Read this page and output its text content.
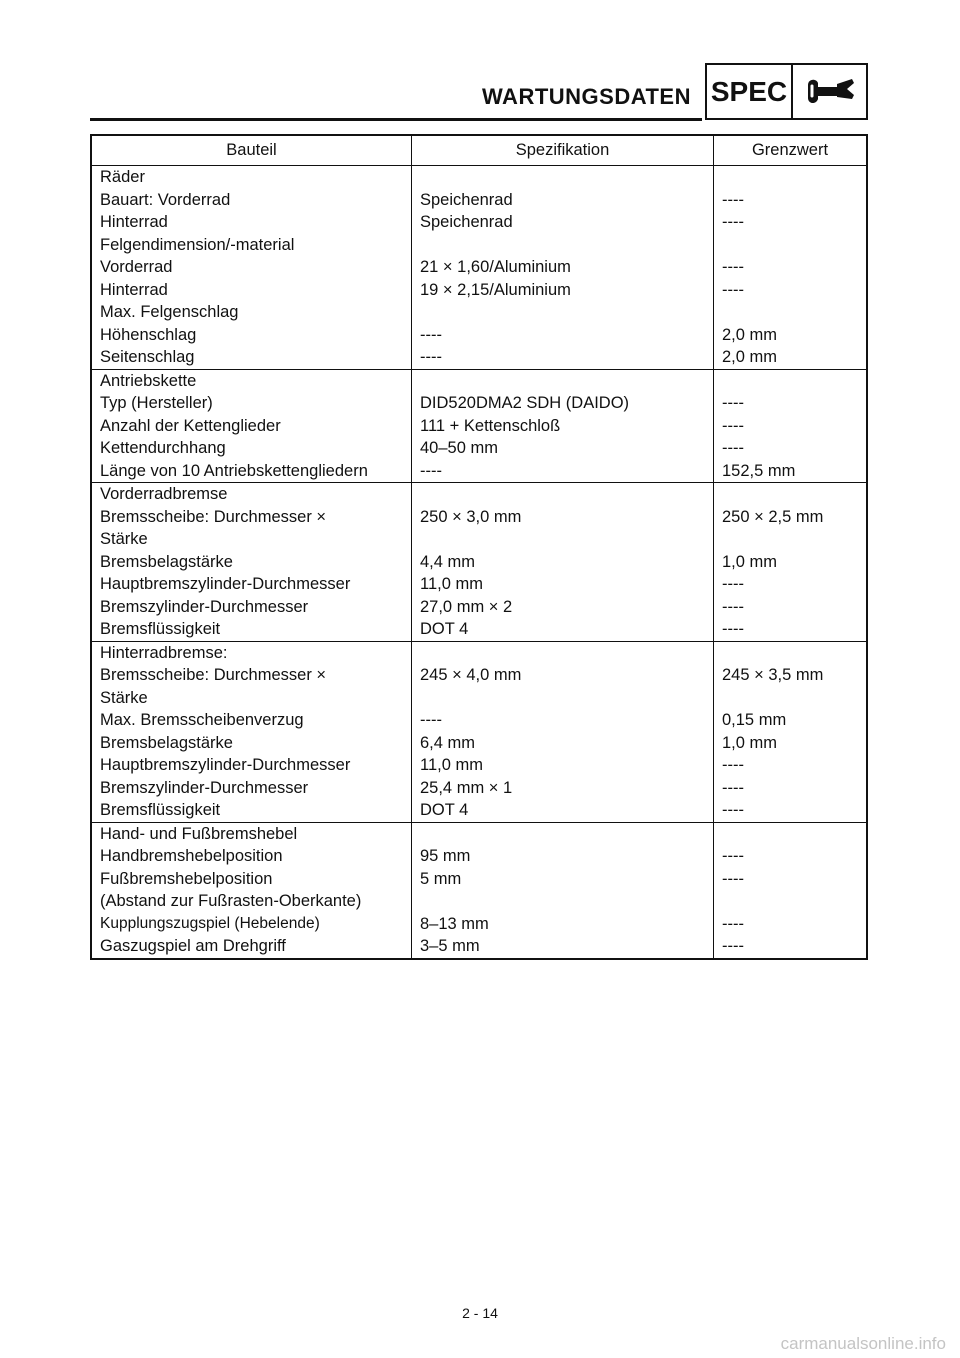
WARTUNGSDATEN SPEC
Bauteil	Spezifikation	Grenzwert
Räder		
Bauart: Vorderrad	Speichenrad	----
Hinterrad	Speichenrad	----
Felgendimension/-material		
Vorderrad	21 × 1,60/Aluminium	----
Hinterrad	19 × 2,15/Aluminium	----
Max. Felgenschlag		
Höhenschlag	----	2,0 mm
Seitenschlag	----	2,0 mm
Antriebskette		
Typ (Hersteller)	DID520DMA2 SDH (DAIDO)	----
Anzahl der Kettenglieder	111 + Kettenschloß	----
Kettendurchhang	40–50 mm	----
Länge von 10 Antriebskettengliedern	----	152,5 mm
Vorderradbremse		
Bremsscheibe: Durchmesser ×	250 × 3,0 mm	250 × 2,5 mm
Stärke		
Bremsbelagstärke	4,4 mm	1,0 mm
Hauptbremszylinder-Durchmesser	11,0 mm	----
Bremszylinder-Durchmesser	27,0 mm × 2	----
Bremsflüssigkeit	DOT 4	----
Hinterradbremse:		
Bremsscheibe: Durchmesser ×	245 × 4,0 mm	245 × 3,5 mm
Stärke		
Max. Bremsscheibenverzug	----	0,15 mm
Bremsbelagstärke	6,4 mm	1,0 mm
Hauptbremszylinder-Durchmesser	11,0 mm	----
Bremszylinder-Durchmesser	25,4 mm × 1	----
Bremsflüssigkeit	DOT 4	----
Hand- und Fußbremshebel		
Handbremshebelposition	95 mm	----
Fußbremshebelposition	5 mm	----
(Abstand zur Fußrasten-Oberkante)		
Kupplungszugspiel (Hebelende)	8–13 mm	----
Gaszugspiel am Drehgriff	3–5 mm	----
2 - 14
carmanualsonline.info
